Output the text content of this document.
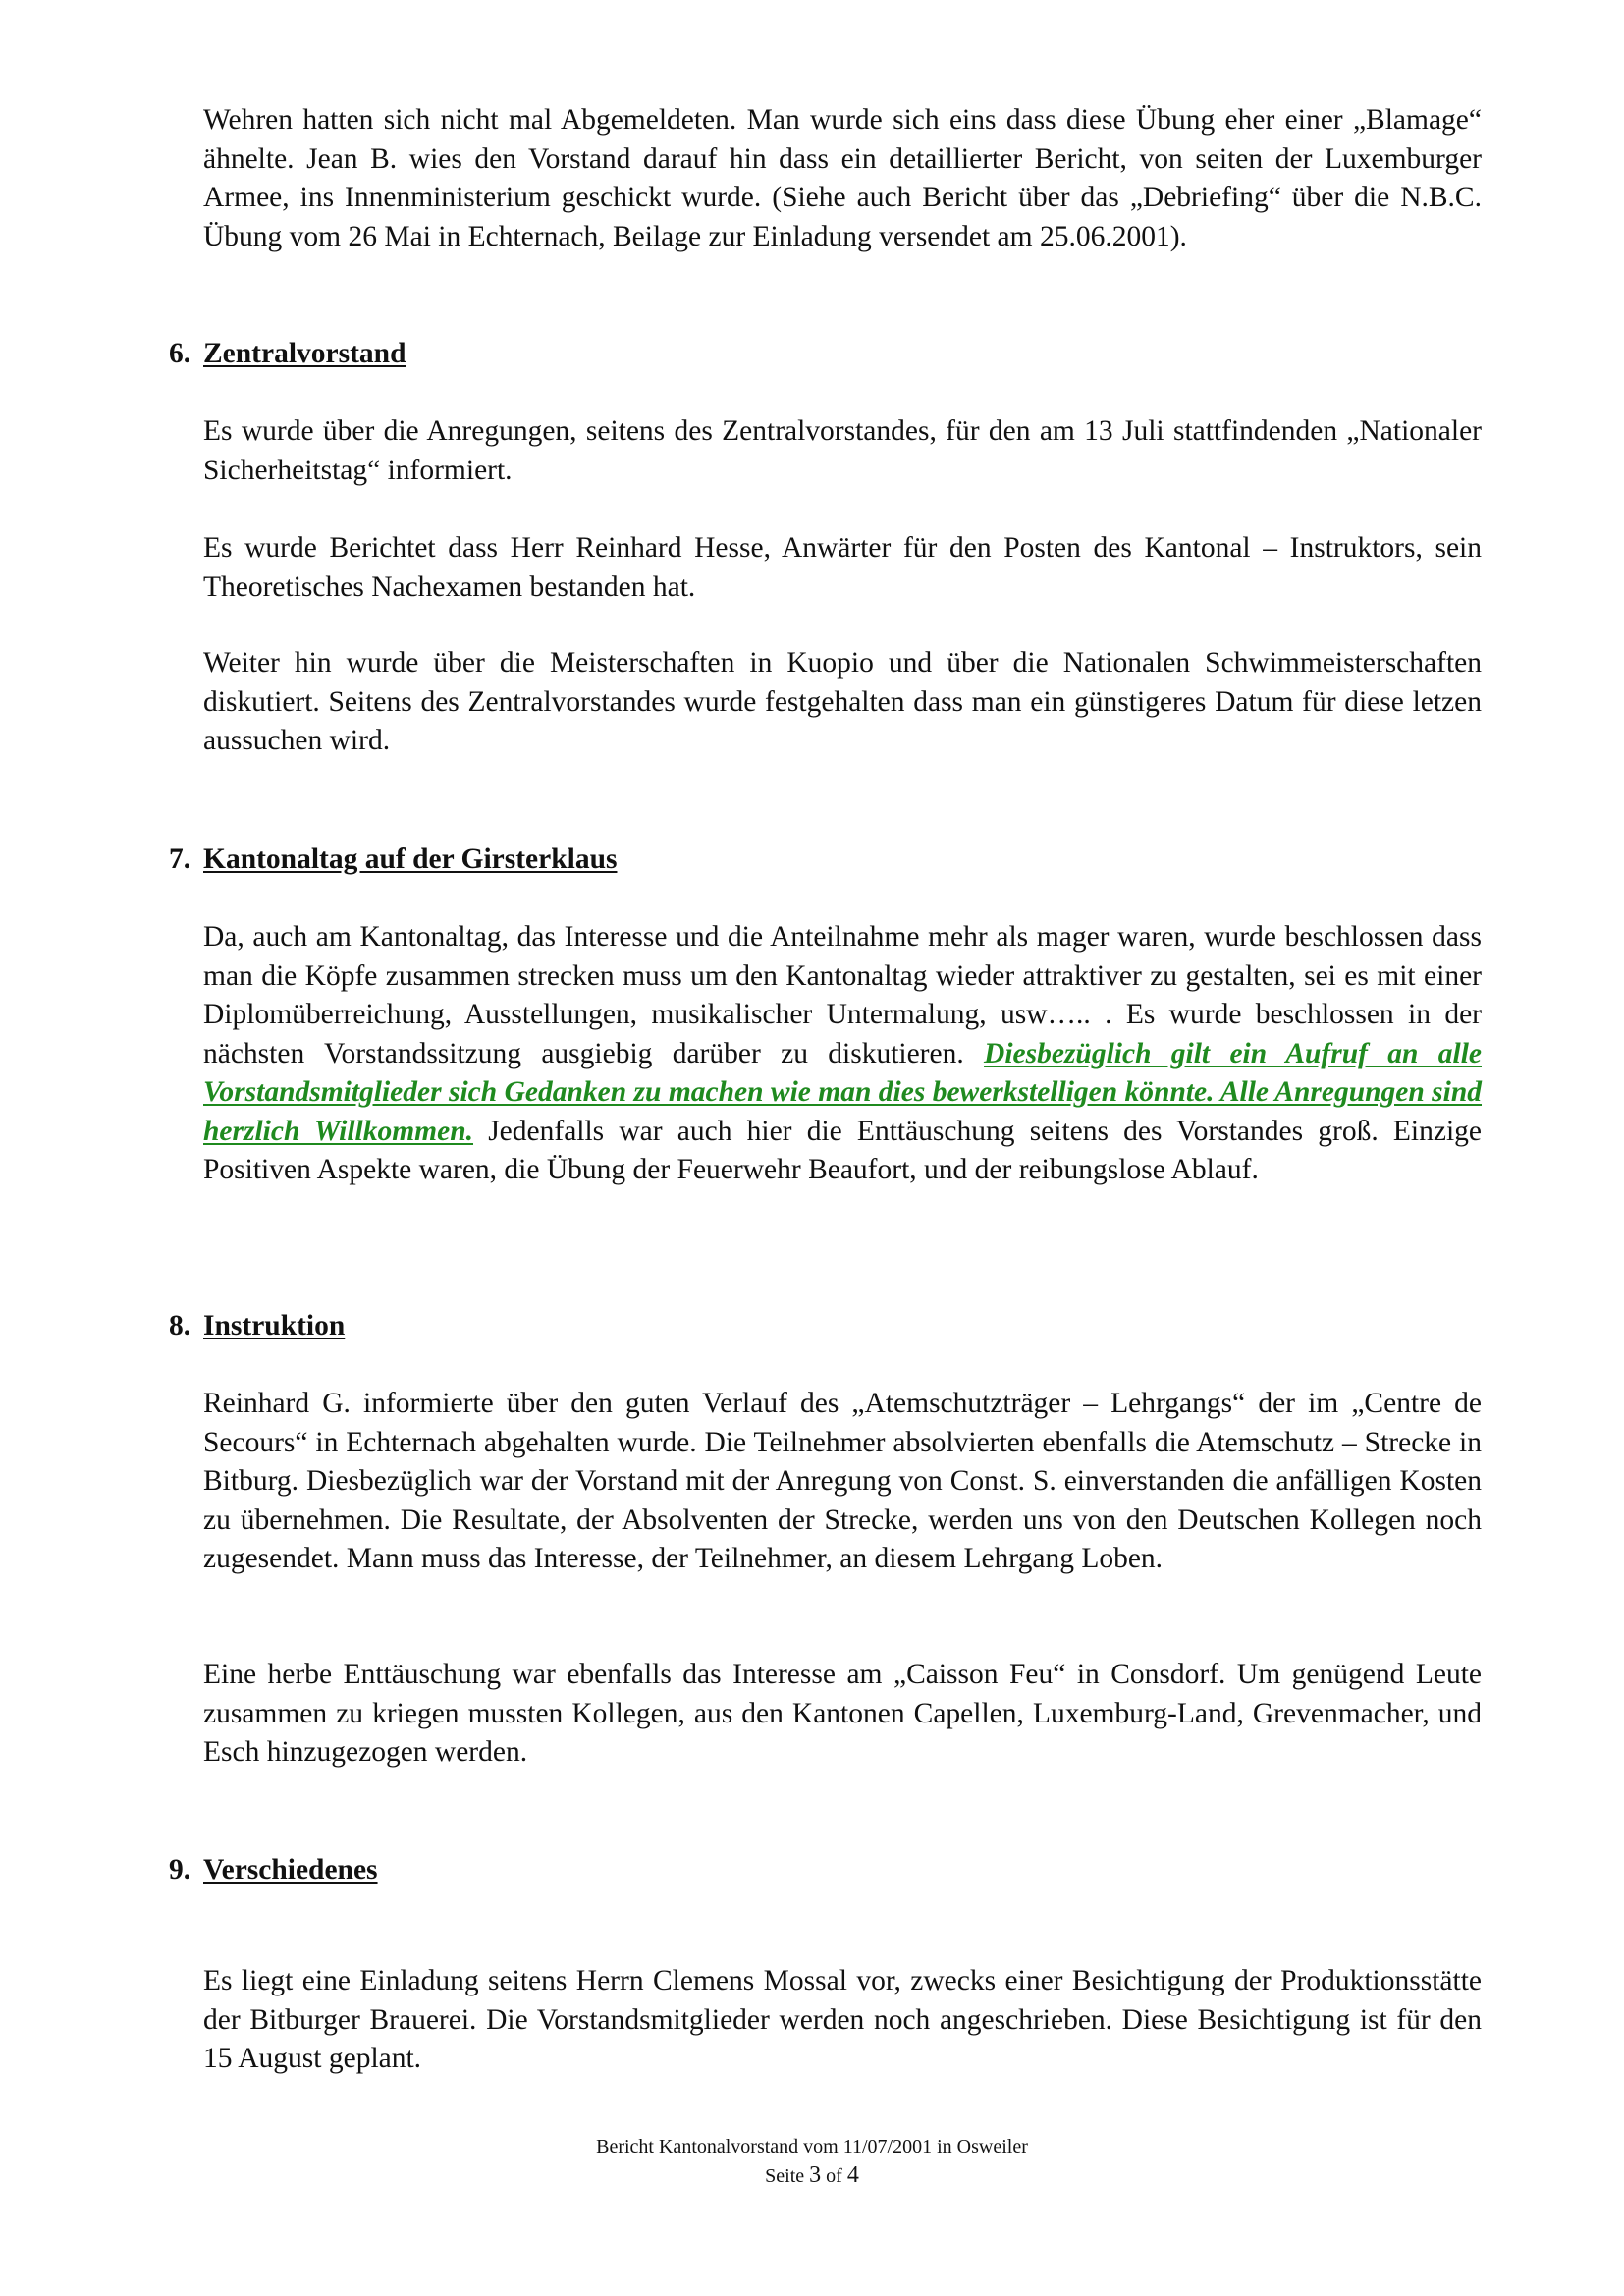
Wehren hatten sich nicht mal Abgemeldeten. Man wurde sich eins dass diese Übung eher einer „Blamage“ ähnelte. Jean B. wies den Vorstand darauf hin dass ein detaillierter Bericht, von seiten der Luxemburger Armee, ins Innenministerium geschickt wurde. (Siehe auch Bericht über das „Debriefing“ über die N.B.C. Übung vom 26 Mai in Echternach, Beilage zur Einladung versendet am 25.06.2001).

6. Zentralvorstand

Es wurde über die Anregungen, seitens des Zentralvorstandes, für den am 13 Juli stattfindenden „Nationaler Sicherheitstag“ informiert.

Es wurde Berichtet dass Herr Reinhard Hesse, Anwärter für den Posten des Kantonal – Instruktors, sein Theoretisches Nachexamen bestanden hat.

Weiter hin wurde über die Meisterschaften in Kuopio und über die Nationalen Schwimmeisterschaften diskutiert. Seitens des Zentralvorstandes wurde festgehalten dass man ein günstigeres Datum für diese letzen aussuchen wird.

7. Kantonaltag auf der Girsterklaus

Da, auch am Kantonaltag, das Interesse und die Anteilnahme mehr als mager waren, wurde beschlossen dass man die Köpfe zusammen strecken muss um den Kantonaltag wieder attraktiver zu gestalten, sei es mit einer Diplomüberreichung, Ausstellungen, musikalischer Untermalung, usw….. . Es wurde beschlossen in der nächsten Vorstandssitzung ausgiebig darüber zu diskutieren. Diesbezüglich gilt ein Aufruf an alle Vorstandsmitglieder sich Gedanken zu machen wie man dies bewerkstelligen könnte. Alle Anregungen sind herzlich Willkommen. Jedenfalls war auch hier die Enttäuschung seitens des Vorstandes groß. Einzige Positiven Aspekte waren, die Übung der Feuerwehr Beaufort, und der reibungslose Ablauf.

8. Instruktion

Reinhard G. informierte über den guten Verlauf des „Atemschutzträger – Lehrgangs“ der im „Centre de Secours“ in Echternach abgehalten wurde. Die Teilnehmer absolvierten ebenfalls die Atemschutz – Strecke in Bitburg. Diesbezüglich war der Vorstand mit der Anregung von Const. S. einverstanden die anfälligen Kosten zu übernehmen. Die Resultate, der Absolventen der Strecke, werden uns von den Deutschen Kollegen noch zugesendet. Mann muss das Interesse, der Teilnehmer, an diesem Lehrgang Loben.

Eine herbe Enttäuschung war ebenfalls das Interesse am „Caisson Feu“ in Consdorf. Um genügend Leute zusammen zu kriegen mussten Kollegen, aus den Kantonen Capellen, Luxemburg-Land, Grevenmacher, und Esch hinzugezogen werden.

9. Verschiedenes

Es liegt eine Einladung seitens Herrn Clemens Mossal vor, zwecks einer Besichtigung der Produktionsstätte der Bitburger Brauerei. Die Vorstandsmitglieder werden noch angeschrieben. Diese Besichtigung ist für den 15 August geplant.

Bericht Kantonalvorstand vom 11/07/2001 in Osweiler

Seite 3 of 4
